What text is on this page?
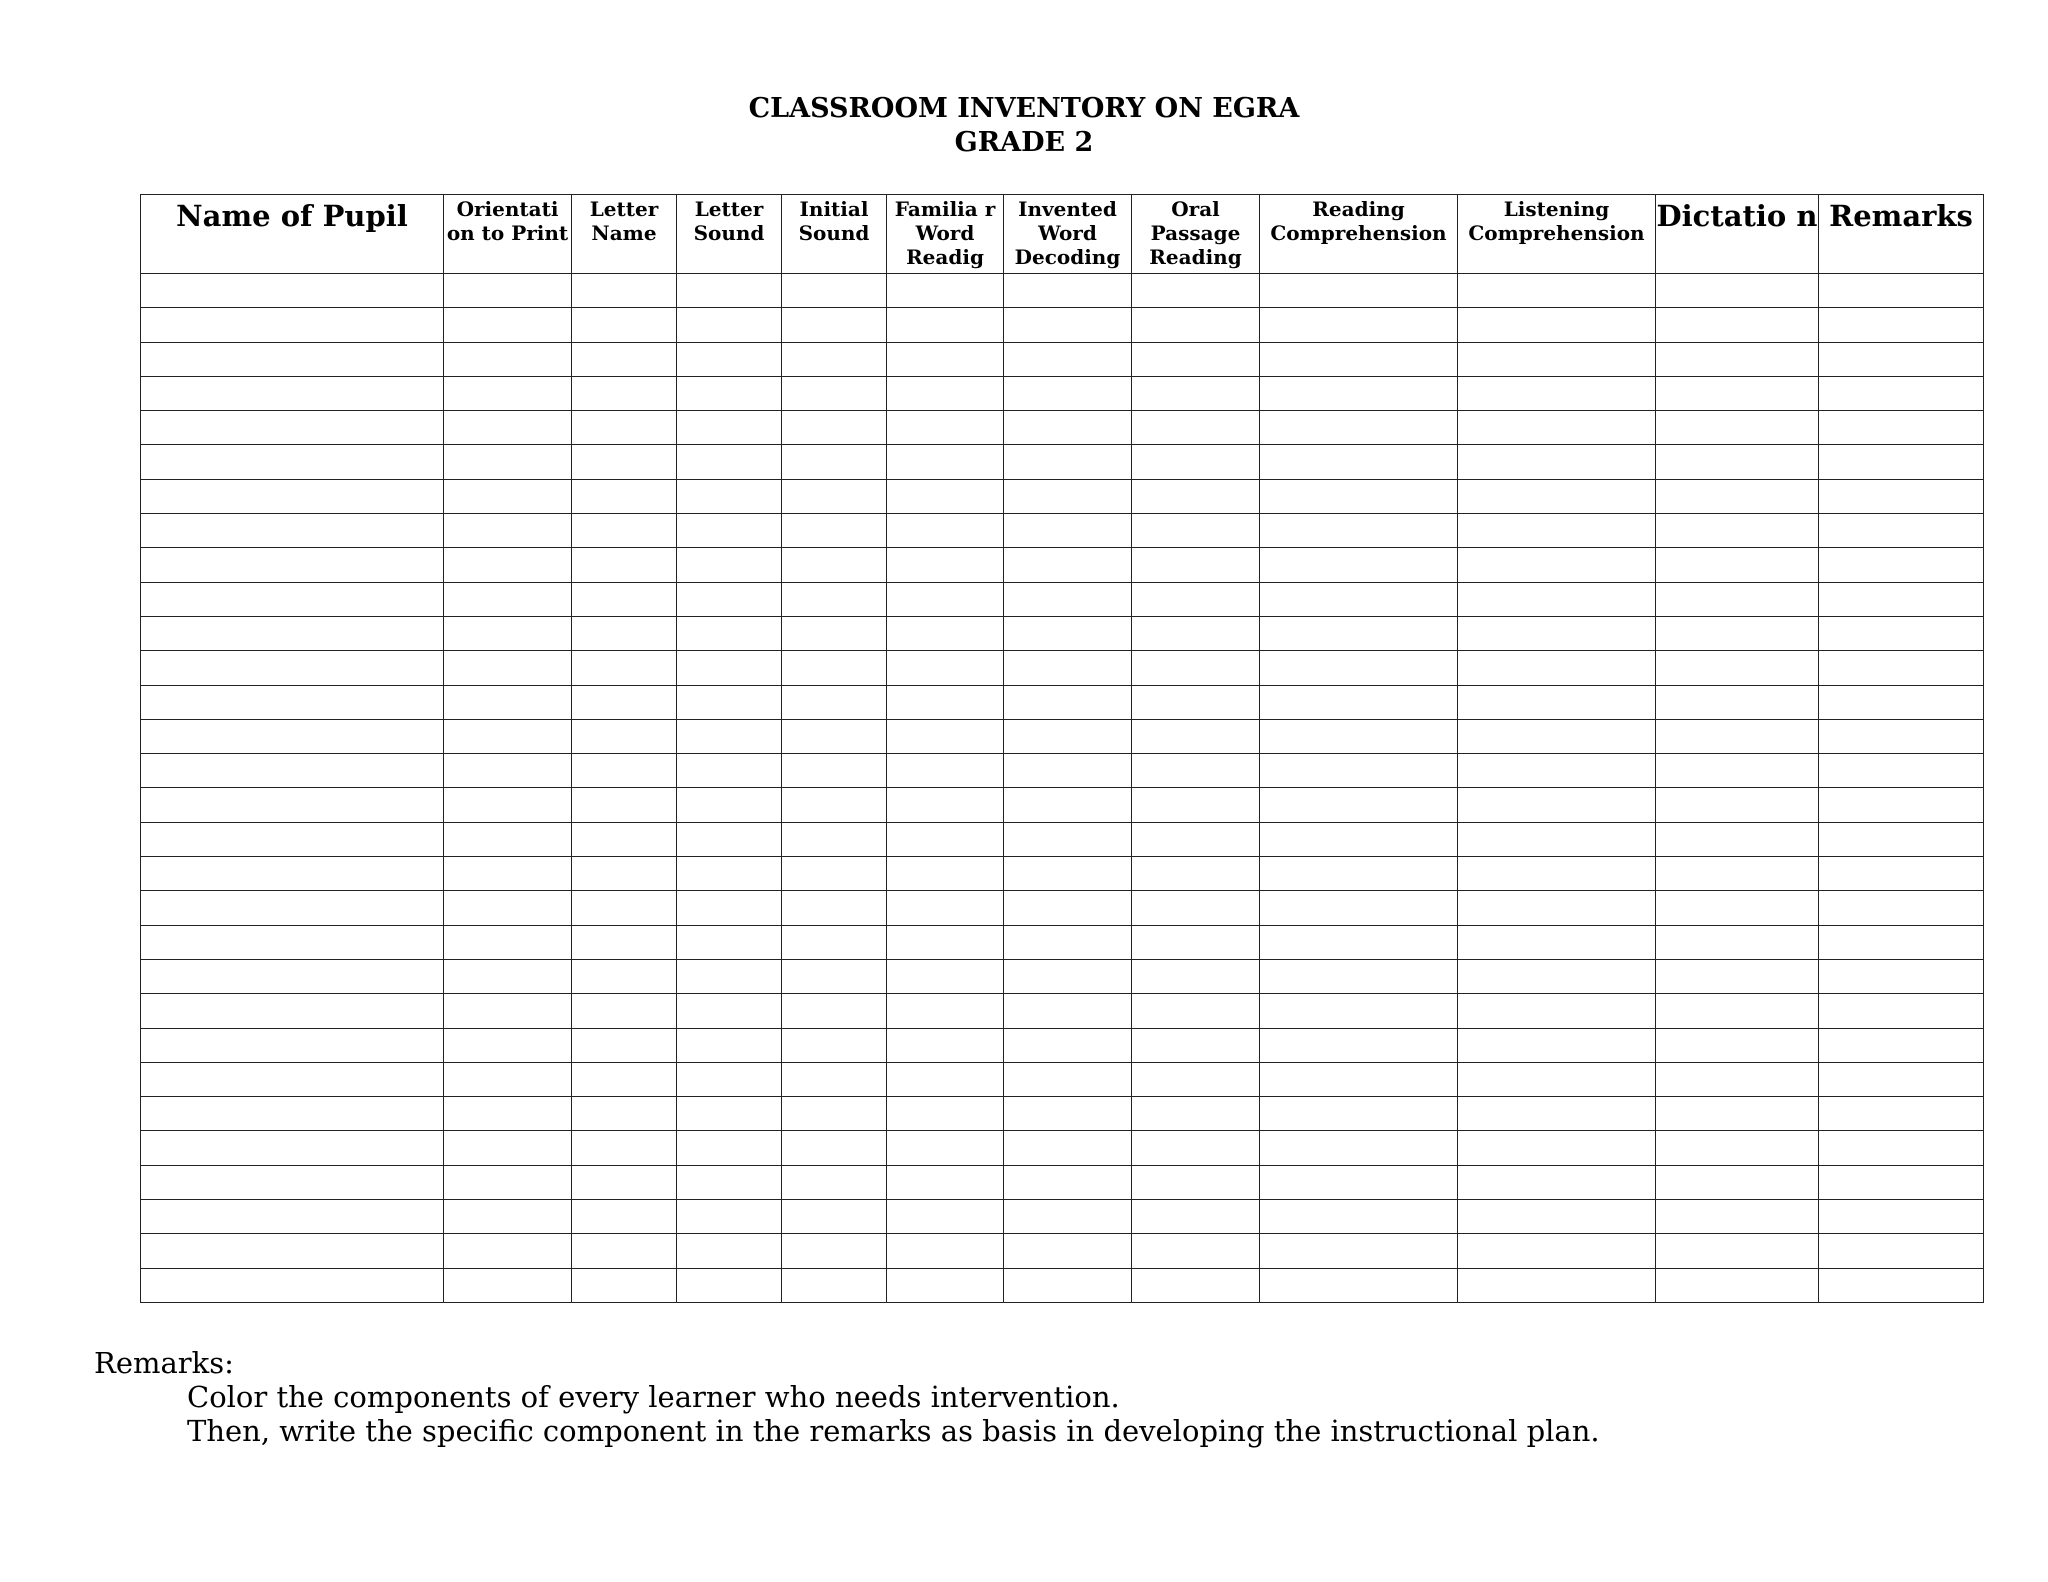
CLASSROOM INVENTORY ON EGRA
GRADE 2
Name of Pupil	Orientati on to Print	Letter Name	Letter Sound	Initial Sound	Familia r Word Readig	Invented Word Decoding	Oral Passage Reading	Reading Comprehension	Listening Comprehension	Dictatio n	Remarks

Remarks:
Color the components of every learner who needs intervention.
Then, write the specific component in the remarks as basis in developing the instructional plan.
